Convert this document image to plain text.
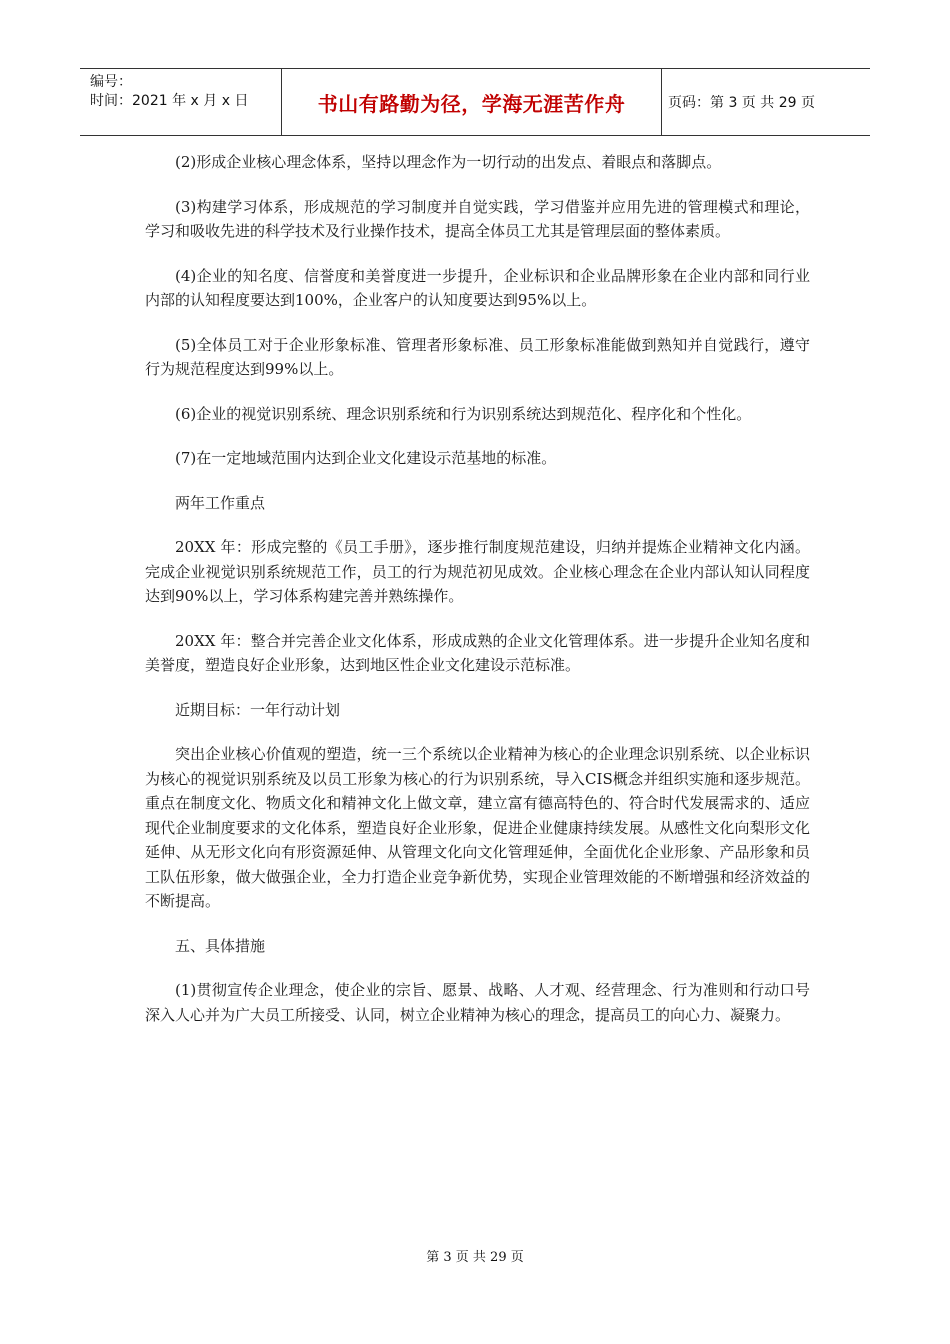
编号：
时间：2021 年 x 月 x 日	书山有路勤为径，学海无涯苦作舟	页码：第 3 页 共 29 页

(2)形成企业核心理念体系，坚持以理念作为一切行动的出发点、着眼点和落脚点。

(3)构建学习体系，形成规范的学习制度并自觉实践，学习借鉴并应用先进的管理模式和理论，学习和吸收先进的科学技术及行业操作技术，提高全体员工尤其是管理层面的整体素质。

(4)企业的知名度、信誉度和美誉度进一步提升，企业标识和企业品牌形象在企业内部和同行业内部的认知程度要达到100%，企业客户的认知度要达到95%以上。

(5)全体员工对于企业形象标准、管理者形象标准、员工形象标准能做到熟知并自觉践行，遵守行为规范程度达到99%以上。

(6)企业的视觉识别系统、理念识别系统和行为识别系统达到规范化、程序化和个性化。

(7)在一定地域范围内达到企业文化建设示范基地的标准。

两年工作重点

20XX 年：形成完整的《员工手册》，逐步推行制度规范建设，归纳并提炼企业精神文化内涵。完成企业视觉识别系统规范工作，员工的行为规范初见成效。企业核心理念在企业内部认知认同程度达到90%以上，学习体系构建完善并熟练操作。

20XX 年：整合并完善企业文化体系，形成成熟的企业文化管理体系。进一步提升企业知名度和美誉度，塑造良好企业形象，达到地区性企业文化建设示范标准。

近期目标：一年行动计划

突出企业核心价值观的塑造，统一三个系统以企业精神为核心的企业理念识别系统、以企业标识为核心的视觉识别系统及以员工形象为核心的行为识别系统，导入CIS概念并组织实施和逐步规范。重点在制度文化、物质文化和精神文化上做文章，建立富有德高特色的、符合时代发展需求的、适应现代企业制度要求的文化体系，塑造良好企业形象，促进企业健康持续发展。从感性文化向梨形文化延伸、从无形文化向有形资源延伸、从管理文化向文化管理延伸，全面优化企业形象、产品形象和员工队伍形象，做大做强企业，全力打造企业竞争新优势，实现企业管理效能的不断增强和经济效益的不断提高。

五、具体措施

(1)贯彻宣传企业理念，使企业的宗旨、愿景、战略、人才观、经营理念、行为准则和行动口号深入人心并为广大员工所接受、认同，树立企业精神为核心的理念，提高员工的向心力、凝聚力。

第 3 页 共 29 页
